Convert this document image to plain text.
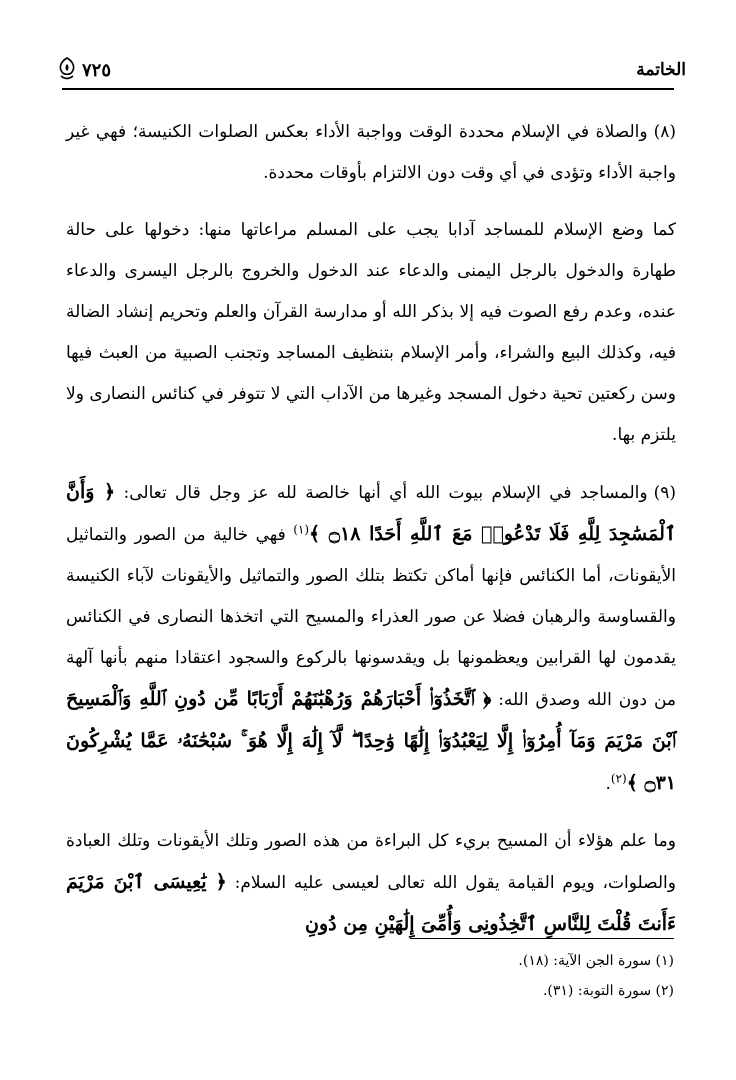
الخاتمة
٧٢٥

(٨)والصلاة في الإسلام محددة الوقت وواجبة الأداء بعكس الصلوات الكنيسة؛ فهي غير واجبة الأداء وتؤدى في أي وقت دون الالتزام بأوقات محددة.

كما وضع الإسلام للمساجد آدابا يجب على المسلم مراعاتها منها: دخولها على حالة طهارة والدخول بالرجل اليمنى والدعاء عند الدخول والخروج بالرجل اليسرى والدعاء عنده، وعدم رفع الصوت فيه إلا بذكر الله أو مدارسة القرآن والعلم وتحريم إنشاد الضالة فيه، وكذلك البيع والشراء، وأمر الإسلام بتنظيف المساجد وتجنب الصبية من العبث فيها وسن ركعتين تحية دخول المسجد وغيرها من الآداب التي لا تتوفر في كنائس النصارى ولا يلتزم بها.

(٩)والمساجد في الإسلام بيوت الله أي أنها خالصة لله عز وجل قال تعالى: ﴿ وَأَنَّ ٱلْمَسَٰجِدَ لِلَّهِ فَلَا تَدْعُوا۟ مَعَ ٱللَّهِ أَحَدًا ۝١٨ ﴾$^{(١)}$ فهي خالية من الصور والتماثيل الأيقونات، أما الكنائس فإنها أماكن تكتظ بتلك الصور والتماثيل والأيقونات لآباء الكنيسة والقساوسة والرهبان فضلا عن صور العذراء والمسيح التي اتخذها النصارى في الكنائس يقدمون لها القرابين ويعظمونها بل ويقدسونها بالركوع والسجود اعتقادا منهم بأنها آلهة من دون الله وصدق الله: ﴿ ٱتَّخَذُوٓا۟ أَحْبَارَهُمْ وَرُهْبَٰنَهُمْ أَرْبَابًا مِّن دُونِ ٱللَّهِ وَٱلْمَسِيحَ ٱبْنَ مَرْيَمَ وَمَآ أُمِرُوٓا۟ إِلَّا لِيَعْبُدُوٓا۟ إِلَٰهًا وَٰحِدًا ۖ لَّآ إِلَٰهَ إِلَّا هُوَ ۚ سُبْحَٰنَهُۥ عَمَّا يُشْرِكُونَ ۝٣١ ﴾$^{(٢)}$.

وما علم هؤلاء أن المسيح بريء كل البراءة من هذه الصور وتلك الأيقونات وتلك العبادة والصلوات، ويوم القيامة يقول الله تعالى لعيسى عليه السلام: ﴿ يَٰعِيسَى ٱبْنَ مَرْيَمَ ءَأَنتَ قُلْتَ لِلنَّاسِ ٱتَّخِذُونِى وَأُمِّىَ إِلَٰهَيْنِ مِن دُونِ

(١) سورة الجن الآية: (١٨).

(٢) سورة التوبة: (٣١).
